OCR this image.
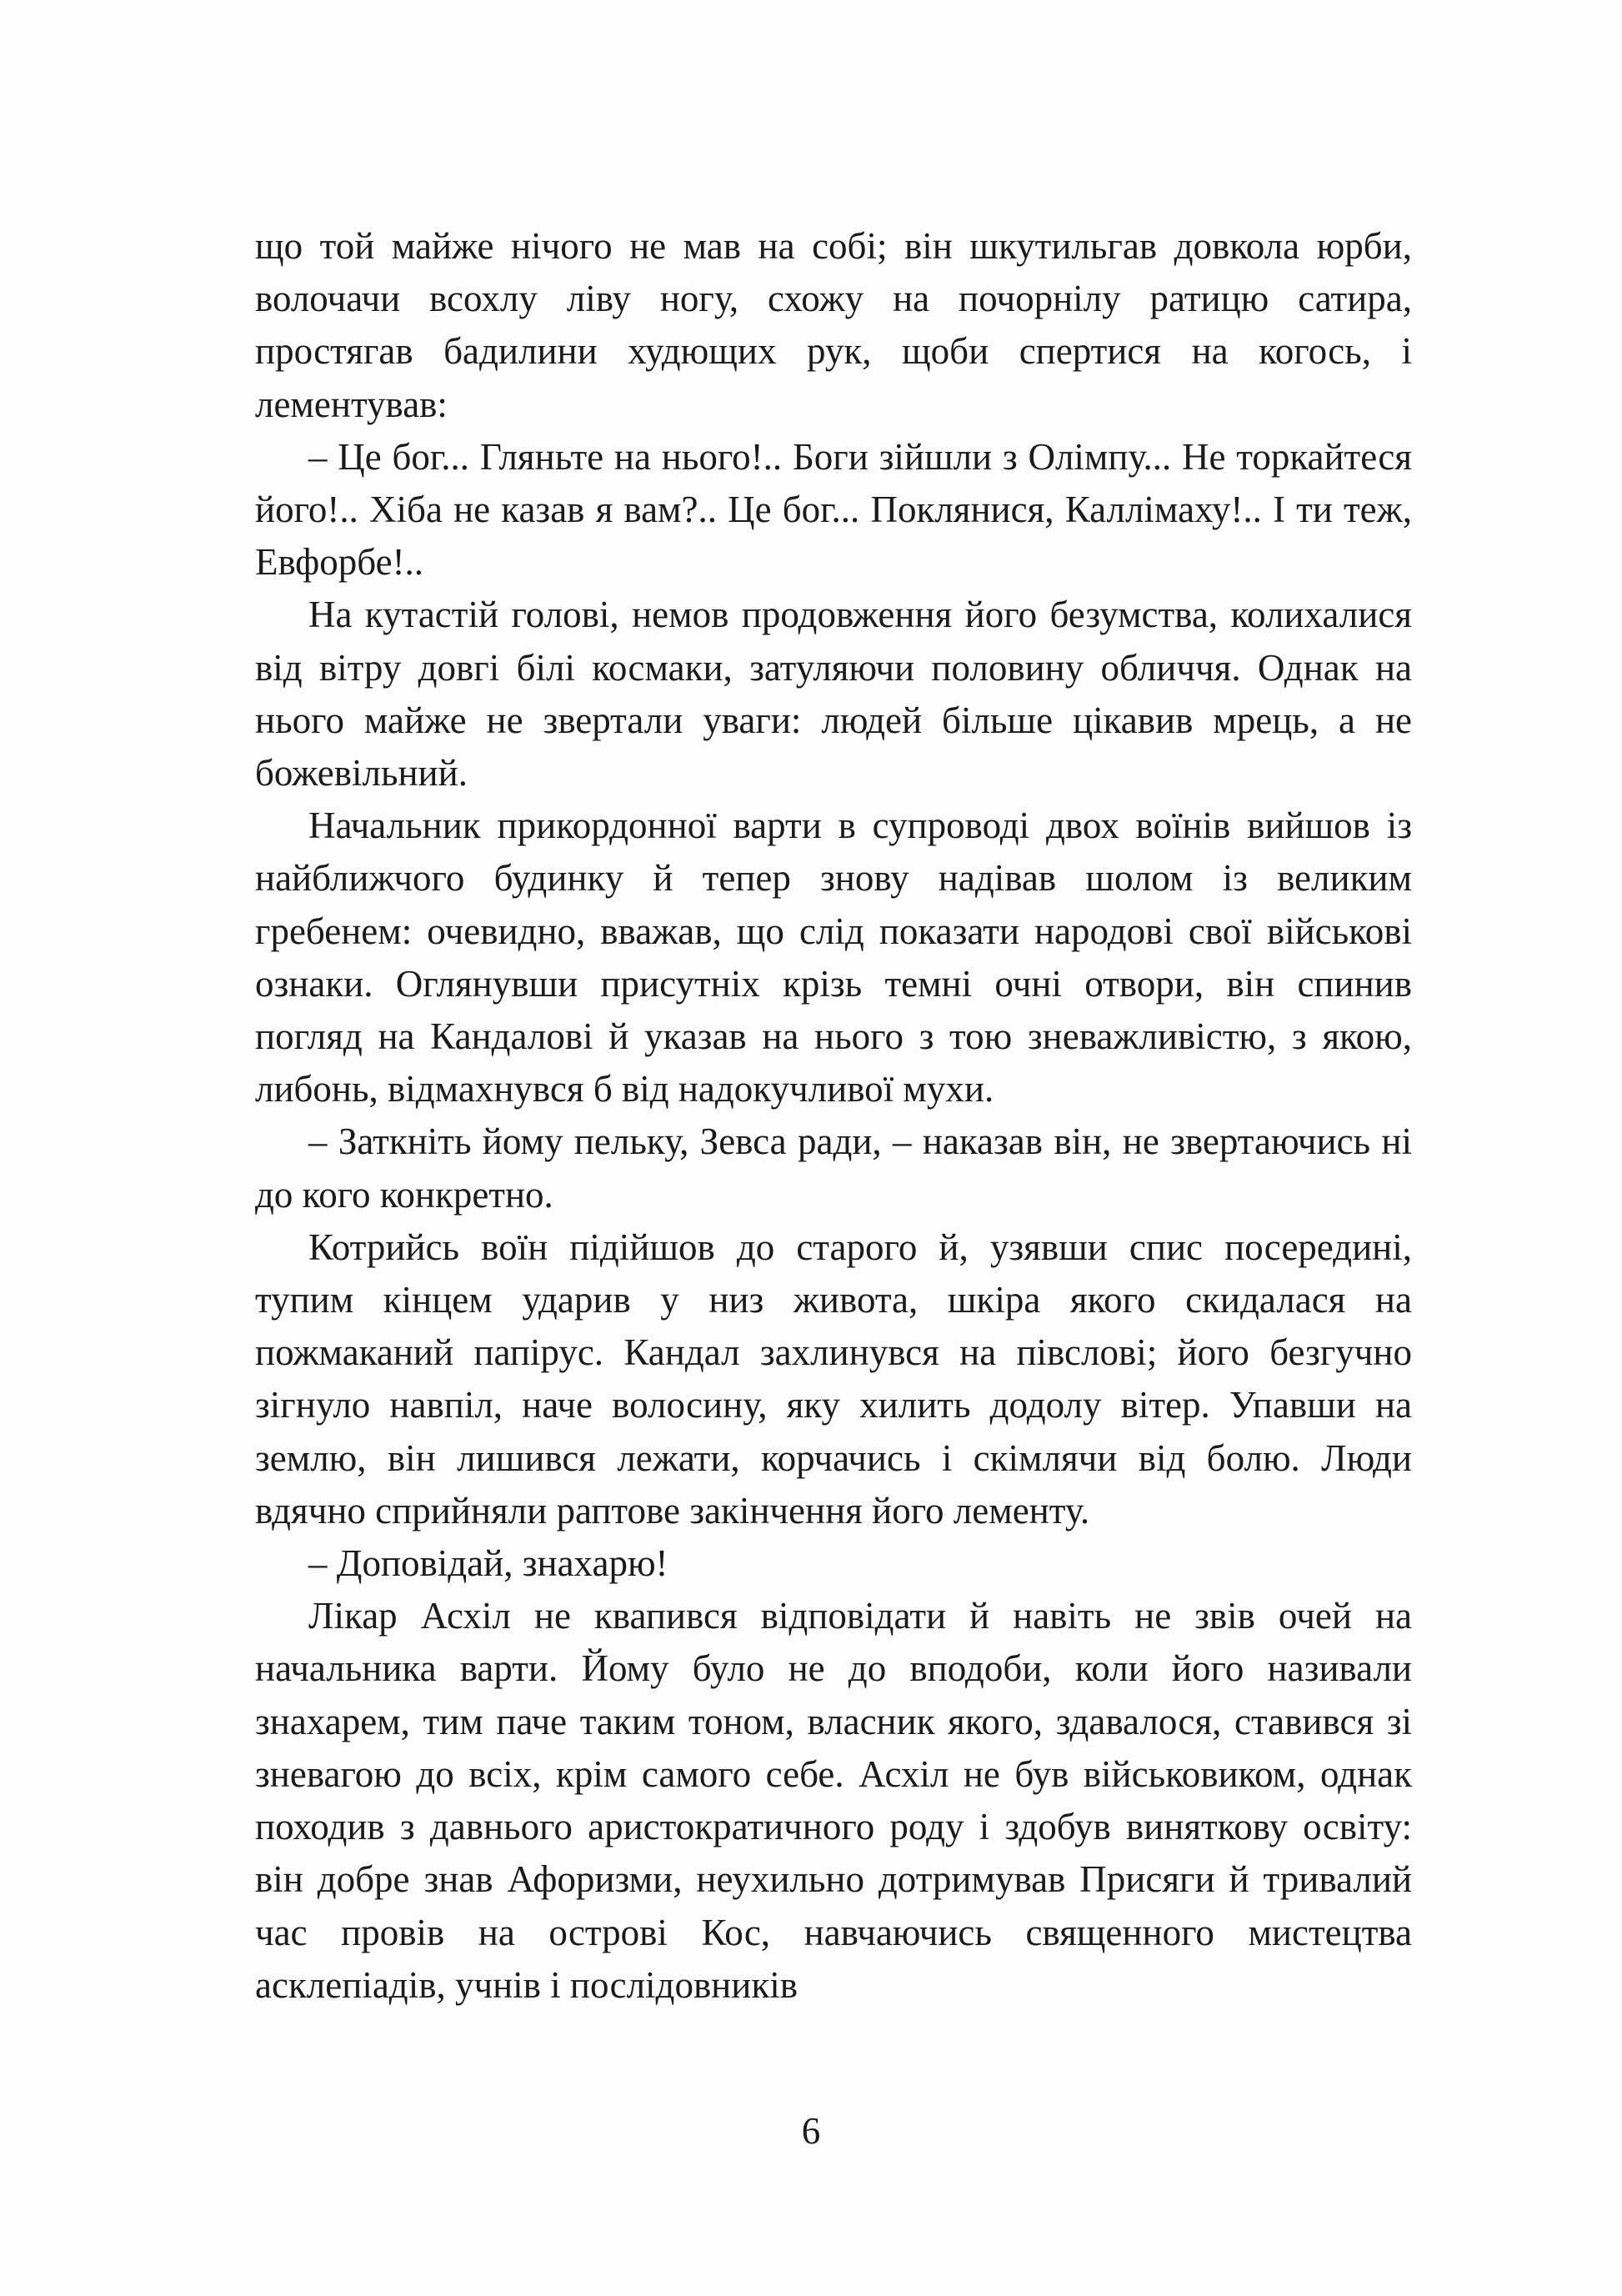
що той майже нічого не мав на собі; він шкутильгав довкола юрби, волочачи всохлу ліву ногу, схожу на почорнілу ратицю сатира, простягав бадилини худющих рук, щоби спертися на когось, і лементував:

– Це бог... Гляньте на нього!.. Боги зійшли з Олімпу... Не торкайтеся його!.. Хіба не казав я вам?.. Це бог... Поклянися, Каллімаху!.. І ти теж, Евфорбе!..

На кутастій голові, немов продовження його безумства, колихалися від вітру довгі білі космаки, затуляючи половину обличчя. Однак на нього майже не звертали уваги: людей більше цікавив мрець, а не божевільний.

Начальник прикордонної варти в супроводі двох воїнів вийшов із найближчого будинку й тепер знову надівав шолом із великим гребенем: очевидно, вважав, що слід показати народові свої військові ознаки. Оглянувши присутніх крізь темні очні отвори, він спинив погляд на Кандалові й указав на нього з тою зневажливістю, з якою, либонь, відмахнувся б від надокучливої мухи.

– Заткніть йому пельку, Зевса ради, – наказав він, не звертаючись ні до кого конкретно.

Котрийсь воїн підійшов до старого й, узявши спис посередині, тупим кінцем ударив у низ живота, шкіра якого скидалася на пожмаканий папірус. Кандал захлинувся на півслові; його безгучно зігнуло навпіл, наче волосину, яку хилить додолу вітер. Упавши на землю, він лишився лежати, корчачись і скімлячи від болю. Люди вдячно сприйняли раптове закінчення його лементу.

– Доповідай, знахарю!

Лікар Асхіл не квапився відповідати й навіть не звів очей на начальника варти. Йому було не до вподоби, коли його називали знахарем, тим паче таким тоном, власник якого, здавалося, ставився зі зневагою до всіх, крім самого себе. Асхіл не був військовиком, однак походив з давнього аристократичного роду і здобув виняткову освіту: він добре знав Афоризми, неухильно дотримував Присяги й тривалий час провів на острові Кос, навчаючись священного мистецтва асклепіадів, учнів і послідовників

6
